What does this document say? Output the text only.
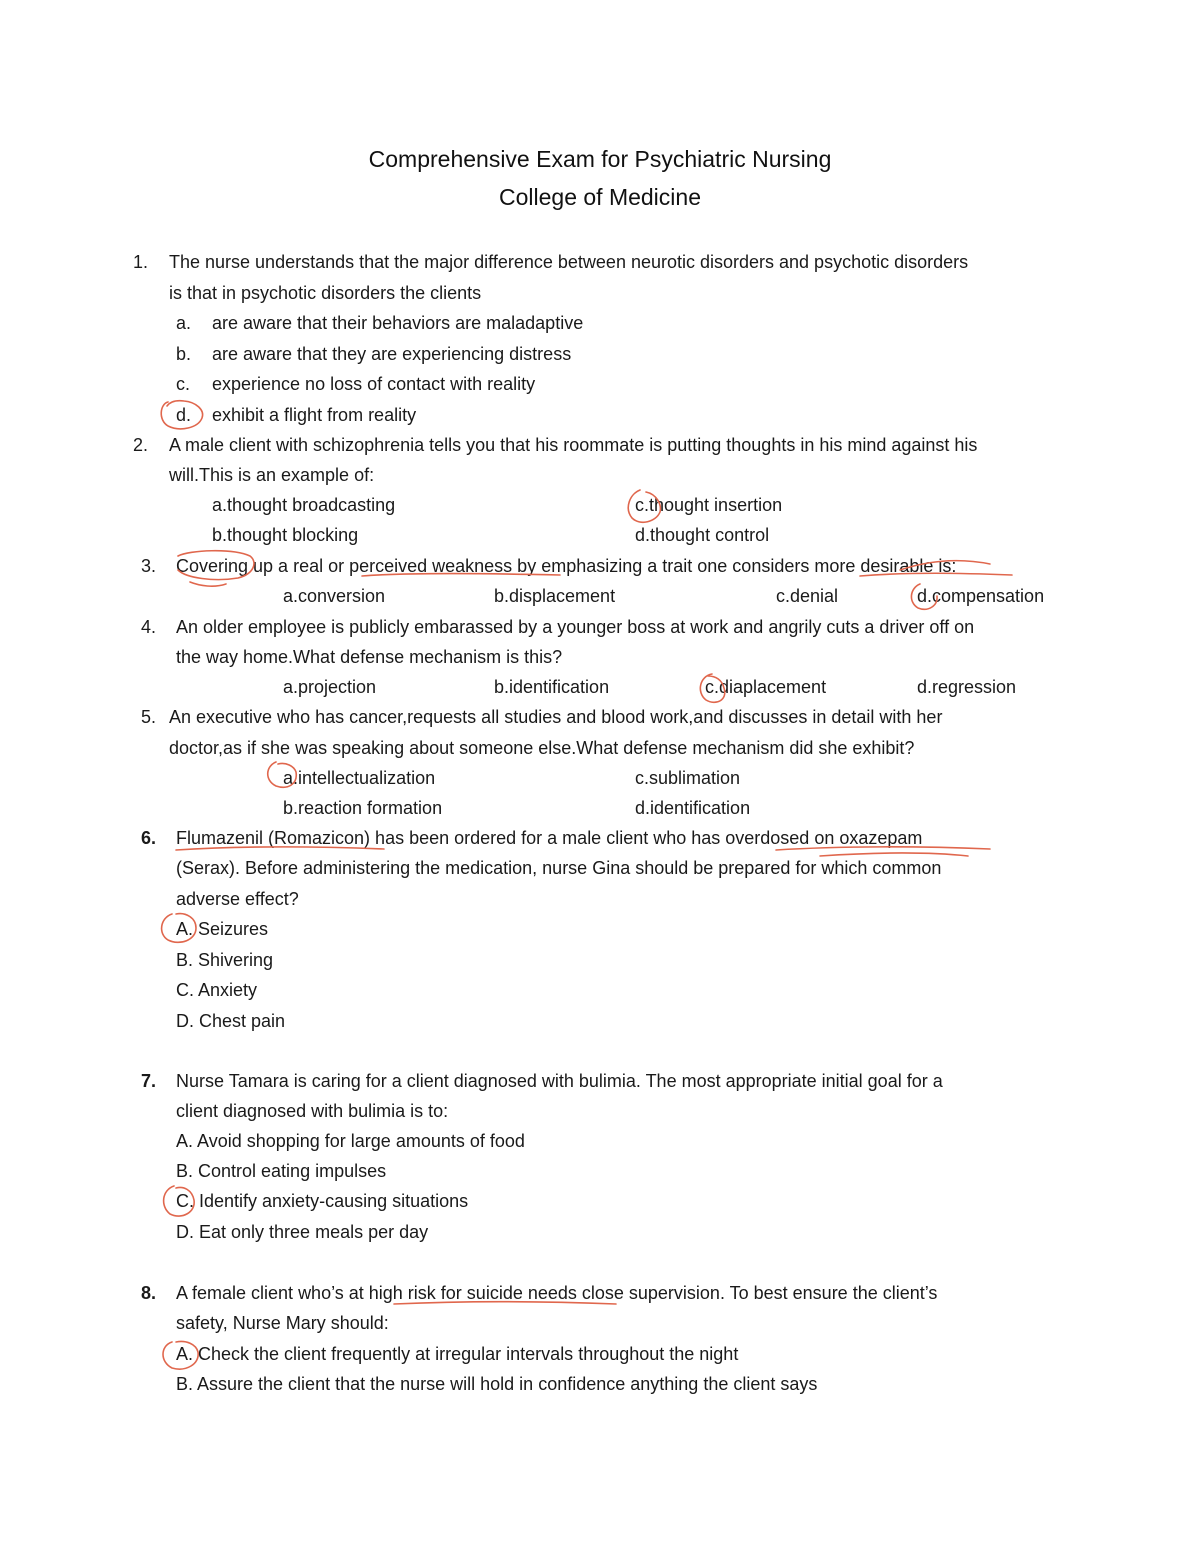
Comprehensive Exam for Psychiatric Nursing
College of Medicine
1. The nurse understands that the major difference between neurotic disorders and psychotic disorders
is that in psychotic disorders the clients
a. are aware that their behaviors are maladaptive
b. are aware that they are experiencing distress
c. experience no loss of contact with reality
d. exhibit a flight from reality
2. A male client with schizophrenia tells you that his roommate is putting thoughts in his mind against his
will.This is an example of:
a.thought broadcasting	c.thought insertion
b.thought blocking	d.thought control
3. Covering up a real or perceived weakness by emphasizing a trait one considers more desirable is:
a.conversion	b.displacement	c.denial	d.compensation
4. An older employee is publicly embarassed by a younger boss at work and angrily cuts a driver off on
the way home.What defense mechanism is this?
a.projection	b.identification	c.diaplacement	d.regression
5. An executive who has cancer,requests all studies and blood work,and discusses in detail with her
doctor,as if she was speaking about someone else.What defense mechanism did she exhibit?
a.intellectualization	c.sublimation
b.reaction formation	d.identification
6. Flumazenil (Romazicon) has been ordered for a male client who has overdosed on oxazepam
(Serax). Before administering the medication, nurse Gina should be prepared for which common
adverse effect?
A. Seizures
B. Shivering
C. Anxiety
D. Chest pain
7. Nurse Tamara is caring for a client diagnosed with bulimia. The most appropriate initial goal for a
client diagnosed with bulimia is to:
A. Avoid shopping for large amounts of food
B. Control eating impulses
C. Identify anxiety-causing situations
D. Eat only three meals per day
8. A female client who’s at high risk for suicide needs close supervision. To best ensure the client’s
safety, Nurse Mary should:
A. Check the client frequently at irregular intervals throughout the night
B. Assure the client that the nurse will hold in confidence anything the client says
